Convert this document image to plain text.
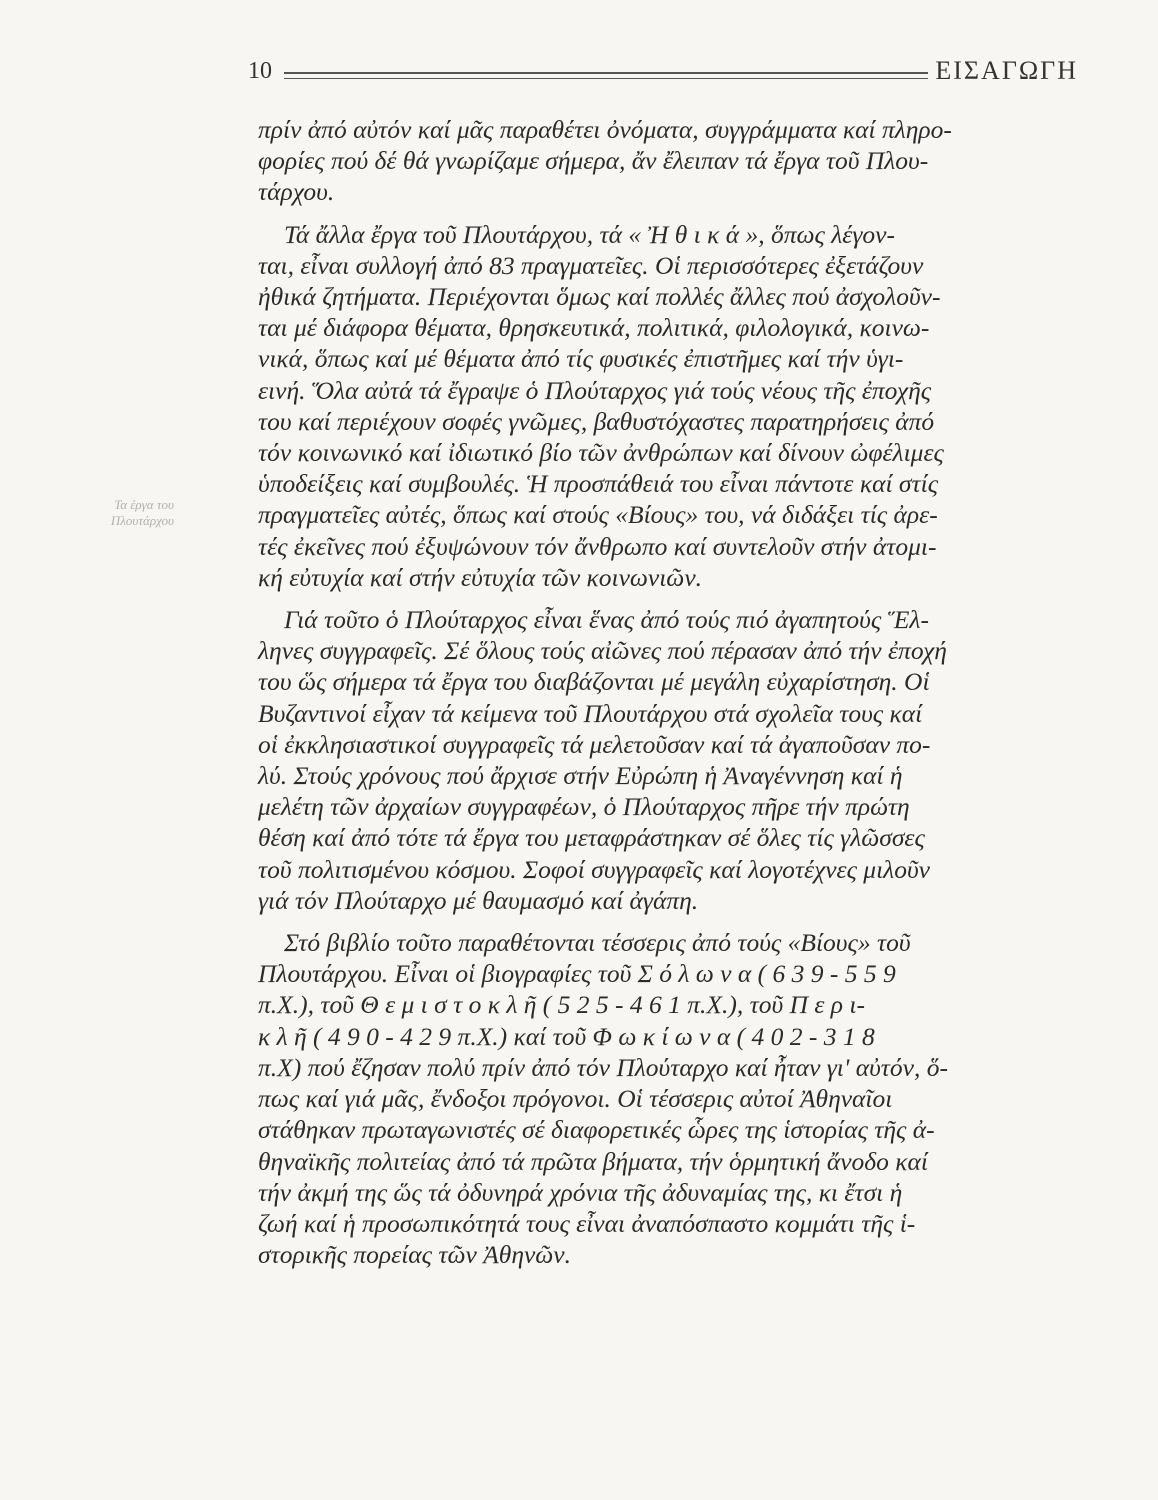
10	ΕΙΣΑΓΩΓΗ
Τα έργα του
Πλουτάρχου
πρίν ἀπό αὐτόν καί μᾶς παραθέτει ὀνόματα, συγγράμματα καί πληρο-
φορίες πού δέ θά γνωρίζαμε σήμερα, ἄν ἔλειπαν τά ἔργα τοῦ Πλου-
τάρχου.
Τά ἄλλα ἔργα τοῦ Πλουτάρχου, τά « Ἠ θ ι κ ά », ὅπως λέγον-
ται, εἶναι συλλογή ἀπό 83 πραγματεῖες. Οἱ περισσότερες ἐξετάζουν
ἠθικά ζητήματα. Περιέχονται ὅμως καί πολλές ἄλλες πού ἀσχολοῦν-
ται μέ διάφορα θέματα, θρησκευτικά, πολιτικά, φιλολογικά, κοινω-
νικά, ὅπως καί μέ θέματα ἀπό τίς φυσικές ἐπιστῆμες καί τήν ὑγι-
εινή. Ὅλα αὐτά τά ἔγραψε ὁ Πλούταρχος γιά τούς νέους τῆς ἐποχῆς
του καί περιέχουν σοφές γνῶμες, βαθυστόχαστες παρατηρήσεις ἀπό
τόν κοινωνικό καί ἰδιωτικό βίο τῶν ἀνθρώπων καί δίνουν ὠφέλιμες
ὑποδείξεις καί συμβουλές. Ἡ προσπάθειά του εἶναι πάντοτε καί στίς
πραγματεῖες αὐτές, ὅπως καί στούς «Βίους» του, νά διδάξει τίς ἀρε-
τές ἐκεῖνες πού ἐξυψώνουν τόν ἄνθρωπο καί συντελοῦν στήν ἀτομι-
κή εὐτυχία καί στήν εὐτυχία τῶν κοινωνιῶν.
Γιά τοῦτο ὁ Πλούταρχος εἶναι ἕνας ἀπό τούς πιό ἀγαπητούς Ἕλ-
ληνες συγγραφεῖς. Σέ ὅλους τούς αἰῶνες πού πέρασαν ἀπό τήν ἐποχή
του ὥς σήμερα τά ἔργα του διαβάζονται μέ μεγάλη εὐχαρίστηση. Οἱ
Βυζαντινοί εἶχαν τά κείμενα τοῦ Πλουτάρχου στά σχολεῖα τους καί
οἱ ἐκκλησιαστικοί συγγραφεῖς τά μελετοῦσαν καί τά ἀγαποῦσαν πο-
λύ. Στούς χρόνους πού ἄρχισε στήν Εὐρώπη ἡ Ἀναγέννηση καί ἡ
μελέτη τῶν ἀρχαίων συγγραφέων, ὁ Πλούταρχος πῆρε τήν πρώτη
θέση καί ἀπό τότε τά ἔργα του μεταφράστηκαν σέ ὅλες τίς γλῶσσες
τοῦ πολιτισμένου κόσμου. Σοφοί συγγραφεῖς καί λογοτέχνες μιλοῦν
γιά τόν Πλούταρχο μέ θαυμασμό καί ἀγάπη.
Στό βιβλίο τοῦτο παραθέτονται τέσσερις ἀπό τούς «Βίους» τοῦ
Πλουτάρχου. Εἶναι οἱ βιογραφίες τοῦ Σ ό λ ω ν α ( 6 3 9 - 5 5 9
π.Χ.), τοῦ Θ ε μ ι σ τ ο κ λ ῆ ( 5 2 5 - 4 6 1 π.Χ.), τοῦ Π ε ρ ι-
κ λ ῆ ( 4 9 0 - 4 2 9 π.Χ.) καί τοῦ Φ ω κ ί ω ν α ( 4 0 2 - 3 1 8
π.Χ) πού ἔζησαν πολύ πρίν ἀπό τόν Πλούταρχο καί ἦταν γι' αὐτόν, ὅ-
πως καί γιά μᾶς, ἔνδοξοι πρόγονοι. Οἱ τέσσερις αὐτοί Ἀθηναῖοι
στάθηκαν πρωταγωνιστές σέ διαφορετικές ὧρες της ἱστορίας τῆς ἀ-
θηναϊκῆς πολιτείας ἀπό τά πρῶτα βήματα, τήν ὁρμητική ἄνοδο καί
τήν ἀκμή της ὥς τά ὀδυνηρά χρόνια τῆς ἀδυναμίας της, κι ἔτσι ἡ
ζωή καί ἡ προσωπικότητά τους εἶναι ἀναπόσπαστο κομμάτι τῆς ἱ-
στορικῆς πορείας τῶν Ἀθηνῶν.
